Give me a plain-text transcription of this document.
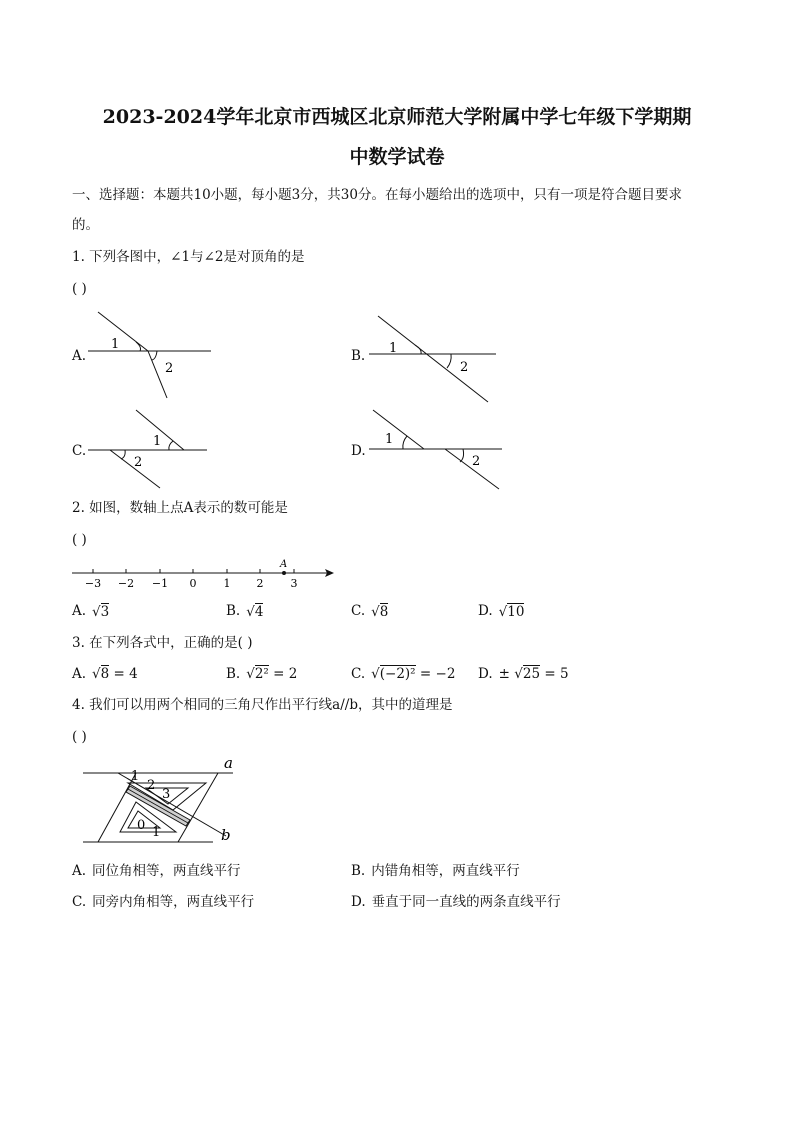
2023-2024学年北京市西城区北京师范大学附属中学七年级下学期期
中数学试卷
一、选择题：本题共10小题，每小题3分，共30分。在每小题给出的选项中，只有一项是符合题目要求
的。
1. 下列各图中，∠1与∠2是对顶角的是
( )
A.
1
2
B. 1
2
C.
1
2
D.
1
2
2. 如图，数轴上点A表示的数可能是
( )
A
−3 −2 −1 0 1 2 3
A. √3	B. √4	C. √8	D. √10
3. 在下列各式中，正确的是( )
A. √8 = 4	B. √2² = 2	C. √(−2)² = −2 D. ± √25 = 5
4. 我们可以用两个相同的三角尺作出平行线a//b，其中的道理是
( )
a
b
1
2
3
0 1
A. 同位角相等，两直线平行	B. 内错角相等，两直线平行
C. 同旁内角相等，两直线平行	D. 垂直于同一直线的两条直线平行
